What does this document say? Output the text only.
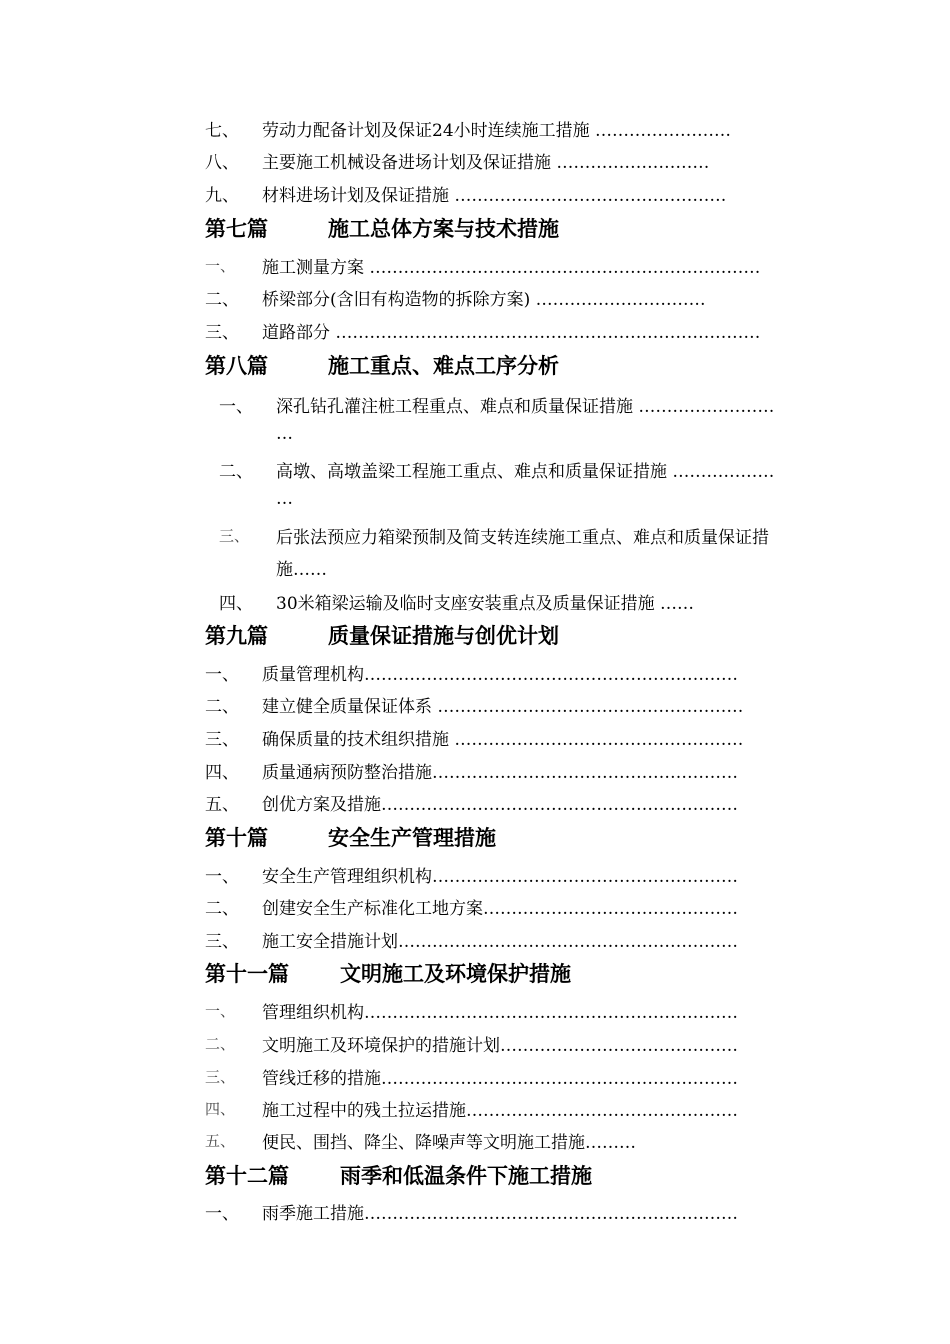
七、 劳动力配备计划及保证24小时连续施工措施 ……………………
八、 主要施工机械设备进场计划及保证措施 ………………………
九、 材料进场计划及保证措施 …………………………………………
第七篇	施工总体方案与技术措施
一、 施工测量方案 ……………………………………………………………
二、 桥梁部分(含旧有构造物的拆除方案) …………………………
三、 道路部分 …………………………………………………………………
第八篇	施工重点、难点工序分析
一、 深孔钻孔灌注桩工程重点、难点和质量保证措施 ……………………
…
二、 高墩、高墩盖梁工程施工重点、难点和质量保证措施 ………………
…
三、 后张法预应力箱梁预制及简支转连续施工重点、难点和质量保证措
施……
四、 30米箱梁运输及临时支座安装重点及质量保证措施 ……
第九篇	质量保证措施与创优计划
一、 质量管理机构…………………………………………………………
二、 建立健全质量保证体系 ………………………………………………
三、 确保质量的技术组织措施 ……………………………………………
四、 质量通病预防整治措施………………………………………………
五、 创优方案及措施………………………………………………………
第十篇	安全生产管理措施
一、 安全生产管理组织机构………………………………………………
二、 创建安全生产标准化工地方案………………………………………
三、 施工安全措施计划……………………………………………………
第十一篇 文明施工及环境保护措施
一、 管理组织机构…………………………………………………………
二、 文明施工及环境保护的措施计划……………………………………
三、 管线迁移的措施………………………………………………………
四、 施工过程中的残土拉运措施…………………………………………
五、 便民、围挡、降尘、降噪声等文明施工措施………
第十二篇 雨季和低温条件下施工措施
一、 雨季施工措施…………………………………………………………
